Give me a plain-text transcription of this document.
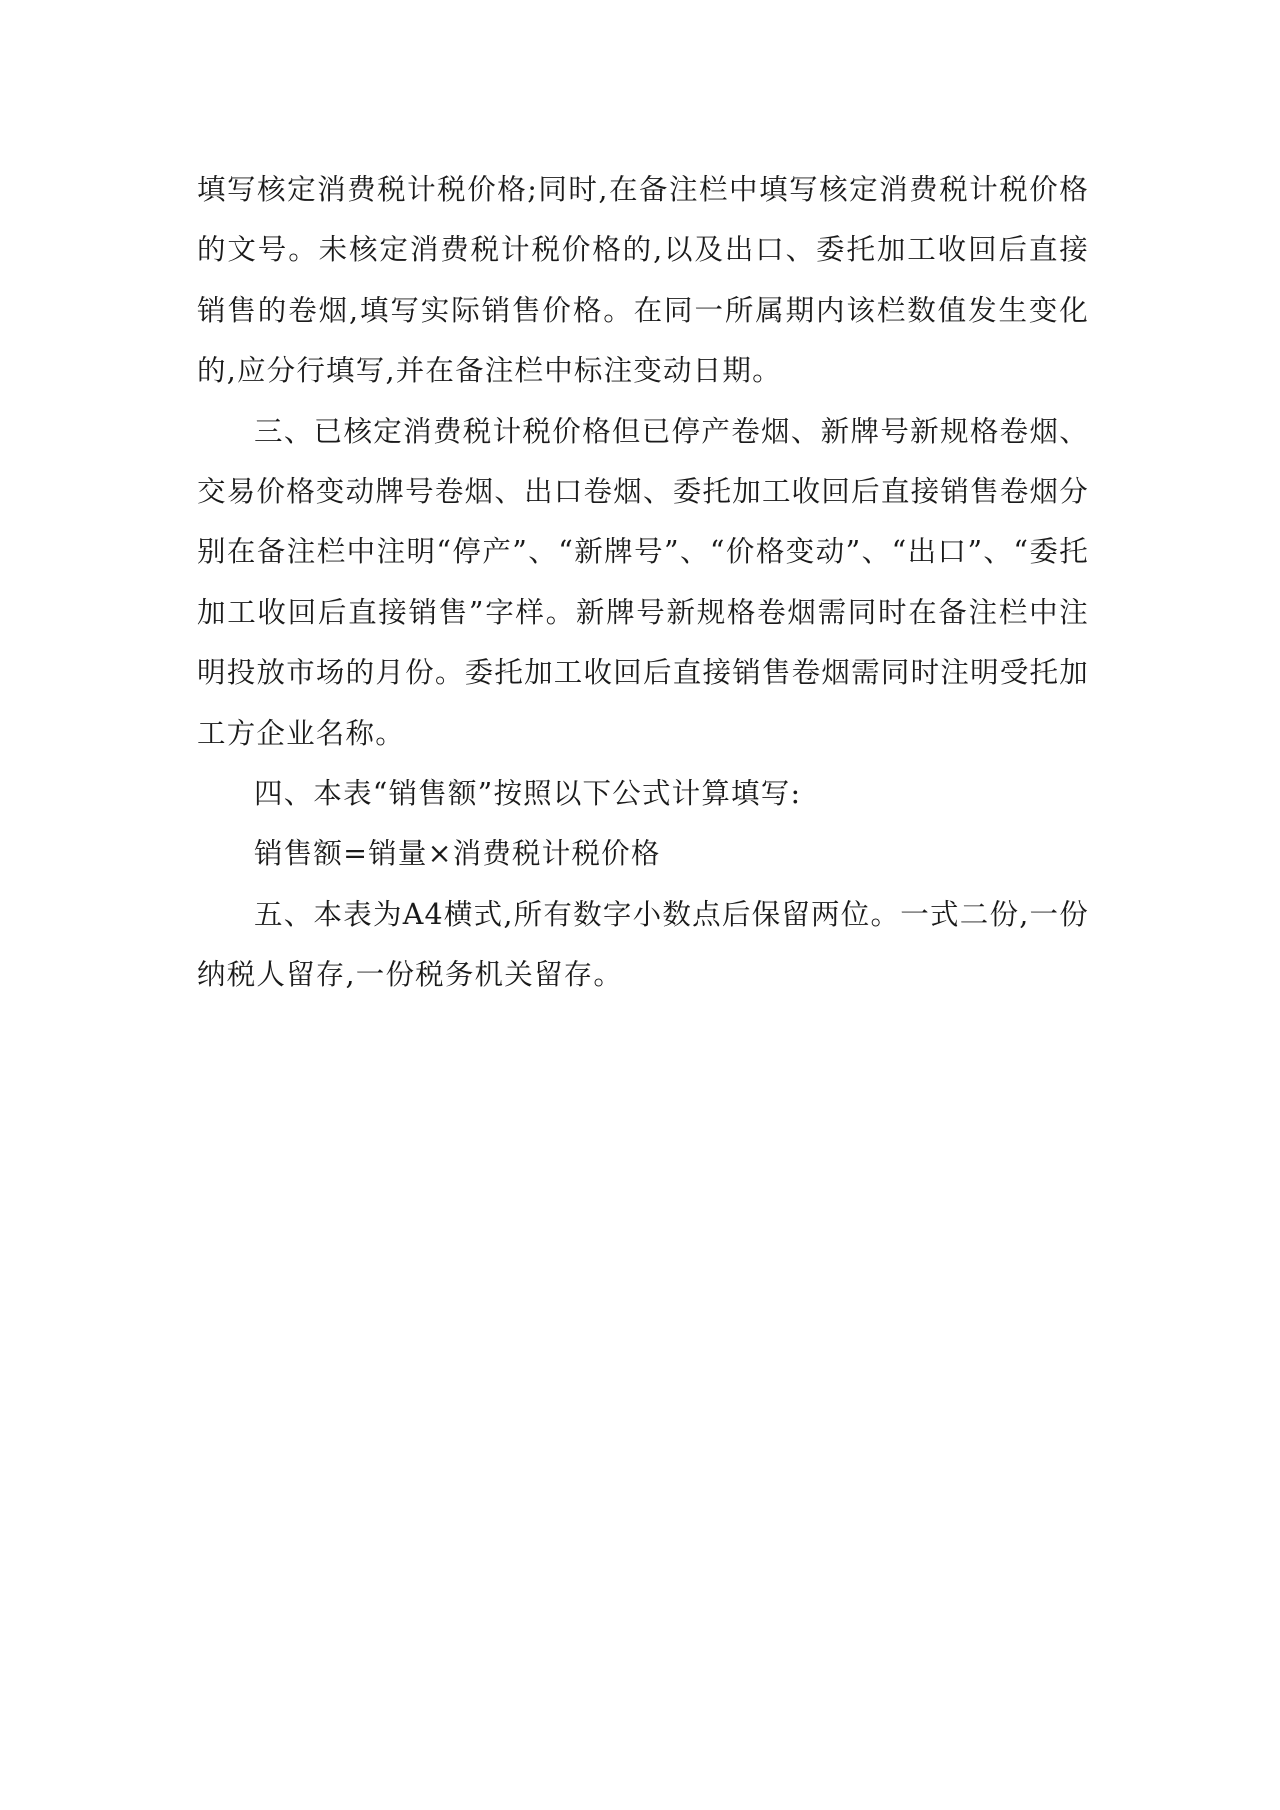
填写核定消费税计税价格;同时,在备注栏中填写核定消费税计税价格的文号。未核定消费税计税价格的,以及出口、委托加工收回后直接销售的卷烟,填写实际销售价格。在同一所属期内该栏数值发生变化的,应分行填写,并在备注栏中标注变动日期。

三、已核定消费税计税价格但已停产卷烟、新牌号新规格卷烟、交易价格变动牌号卷烟、出口卷烟、委托加工收回后直接销售卷烟分别在备注栏中注明“停产”、“新牌号”、“价格变动”、“出口”、“委托加工收回后直接销售”字样。新牌号新规格卷烟需同时在备注栏中注明投放市场的月份。委托加工收回后直接销售卷烟需同时注明受托加工方企业名称。

四、本表“销售额”按照以下公式计算填写:

销售额=销量×消费税计税价格

五、本表为A4横式,所有数字小数点后保留两位。一式二份,一份纳税人留存,一份税务机关留存。
